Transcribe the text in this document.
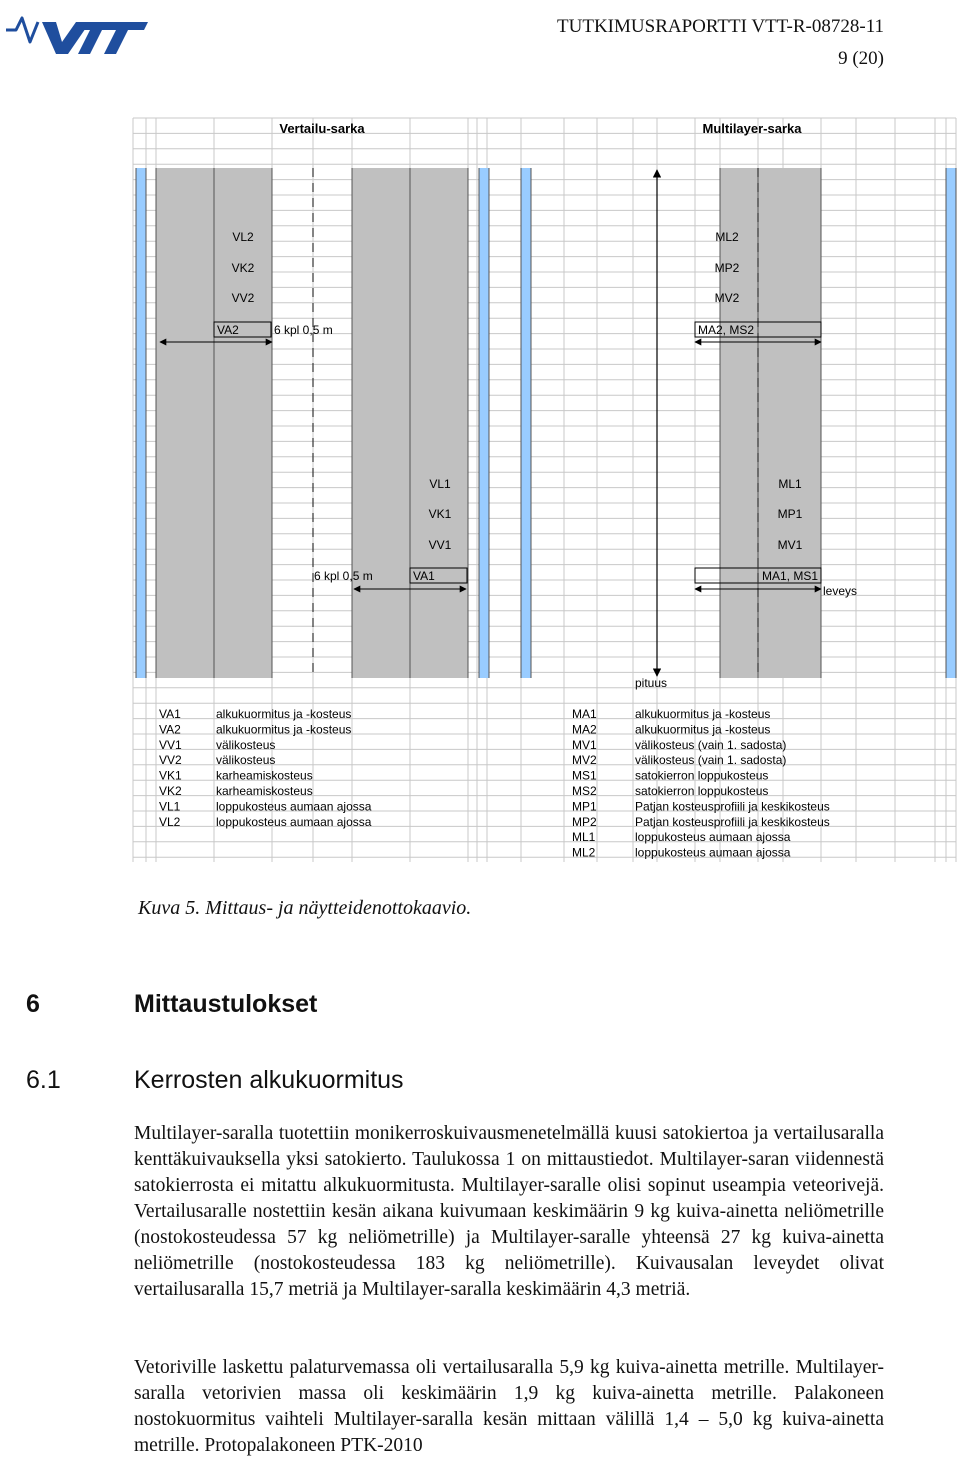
TUTKIMUSRAPORTTI VTT-R-08728-11
9 (20)
Vertailu-sarka	Multilayer-sarka
VL2
VK2
VV2
ML2
MP2
MV2
VA2	6 kpl 0,5 m	MA2, MS2
VL1
VK1
VV1
ML1
MP1
MV1
6 kpl 0,5 m	VA1	MA1, MS1
leveys
pituus
VA1	alkukuormitus ja -kosteus
VA2	alkukuormitus ja -kosteus
VV1	välikosteus
VV2	välikosteus
VK1	karheamiskosteus
VK2	karheamiskosteus
VL1	loppukosteus aumaan ajossa
VL2	loppukosteus aumaan ajossa
MA1	alkukuormitus ja -kosteus
MA2	alkukuormitus ja -kosteus
MV1	välikosteus (vain 1. sadosta)
MV2	välikosteus (vain 1. sadosta)
MS1	satokierron loppukosteus
MS2	satokierron loppukosteus
MP1	Patjan kosteusprofiili ja keskikosteus
MP2	Patjan kosteusprofiili ja keskikosteus
ML1	loppukosteus aumaan ajossa
ML2	loppukosteus aumaan ajossa
Kuva 5. Mittaus- ja näytteidenottokaavio.
6	Mittaustulokset
6.1	Kerrosten alkukuormitus
Multilayer-saralla tuotettiin monikerroskuivausmenetelmällä kuusi satokiertoa ja vertailusaralla kenttäkuivauksella yksi satokierto. Taulukossa 1 on mittaustiedot. Multilayer-saran viidennestä satokierrosta ei mitattu alkukuormitusta. Multilayer-saralle olisi sopinut useampia veteorivejä. Vertailusaralle nostettiin kesän aikana kuivumaan keskimäärin 9 kg kuiva-ainetta neliömetrille (nostokosteudessa 57 kg neliömetrille) ja Multilayer-saralle yhteensä 27 kg kuiva-ainetta neliömetrille (nostokosteudessa 183 kg neliömetrille). Kuivausalan leveydet olivat vertailusaralla 15,7 metriä ja Multilayer-saralla keskimäärin 4,3 metriä.
Vetoriville laskettu palaturvemassa oli vertailusaralla 5,9 kg kuiva-ainetta metrille. Multilayer-saralla vetorivien massa oli keskimäärin 1,9 kg kuiva-ainetta metrille. Palakoneen nostokuormitus vaihteli Multilayer-saralla kesän mittaan välillä 1,4 – 5,0 kg kuiva-ainetta metrille. Protopalakoneen PTK-2010
